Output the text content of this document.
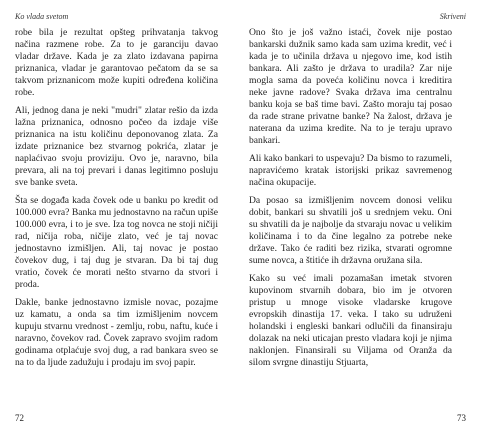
Ko vlada svetom

robe bila je rezultat opšteg prihvatanja takvog načina razmene robe. Za to je garanciju davao vladar države. Kada je za zlato izdavana papirna priznanica, vladar je garantovao pečatom da se sa takvom priznanicom može kupiti određena količina robe.

Ali, jednog dana je neki "mudri" zlatar rešio da izda lažna priznanica, odnosno počeo da izdaje više priznanica na istu količinu deponovanog zlata. Za izdate priznanice bez stvarnog pokrića, zlatar je naplaćivao svoju proviziju. Ovo je, naravno, bila prevara, ali na toj prevari i danas legitimno posluju sve banke sveta.

Šta se događa kada čovek ode u banku po kredit od 100.000 evra? Banka mu jednostavno na račun upiše 100.000 evra, i to je sve. Iza tog novca ne stoji ničiji rad, ničija roba, ničije zlato, već je taj novac jednostavno izmišljen. Ali, taj novac je postao čovekov dug, i taj dug je stvaran. Da bi taj dug vratio, čovek će morati nešto stvarno da stvori i proda.

Dakle, banke jednostavno izmisle novac, pozajme uz kamatu, a onda sa tim izmišljenim novcem kupuju stvarnu vrednost - zemlju, robu, naftu, kuće i naravno, čovekov rad. Čovek zapravo svojim radom godinama otplaćuje svoj dug, a rad bankara sveo se na to da ljude zadužuju i prodaju im svoj papir.

72
Skriveni

Ono što je još važno istaći, čovek nije postao bankarski dužnik samo kada sam uzima kredit, već i kada je to učinila država u njegovo ime, kod istih bankara. Ali zašto je država to uradila? Zar nije mogla sama da poveća količinu novca i kreditira neke javne radove? Svaka država ima centralnu banku koja se baš time bavi. Zašto moraju taj posao da rade strane privatne banke? Na žalost, država je naterana da uzima kredite. Na to je teraju upravo bankari.

Ali kako bankari to uspevaju? Da bismo to razumeli, napravićemo kratak istorijski prikaz savremenog načina okupacije.

Da posao sa izmišljenim novcem donosi veliku dobit, bankari su shvatili još u srednjem veku. Oni su shvatili da je najbolje da stvaraju novac u velikim količinama i to da čine legalno za potrebe neke države. Tako će raditi bez rizika, stvarati ogromne sume novca, a štitiće ih državna oružana sila.

Kako su već imali pozamašan imetak stvoren kupovinom stvarnih dobara, bio im je otvoren pristup u mnoge visoke vladarske krugove evropskih dinastija 17. veka. I tako su udruženi holandski i engleski bankari odlučili da finansiraju dolazak na neki uticajan presto vladara koji je njima naklonjen. Finansirali su Viljama od Oranža da silom svrgne dinastiju Stjuarta,

73
